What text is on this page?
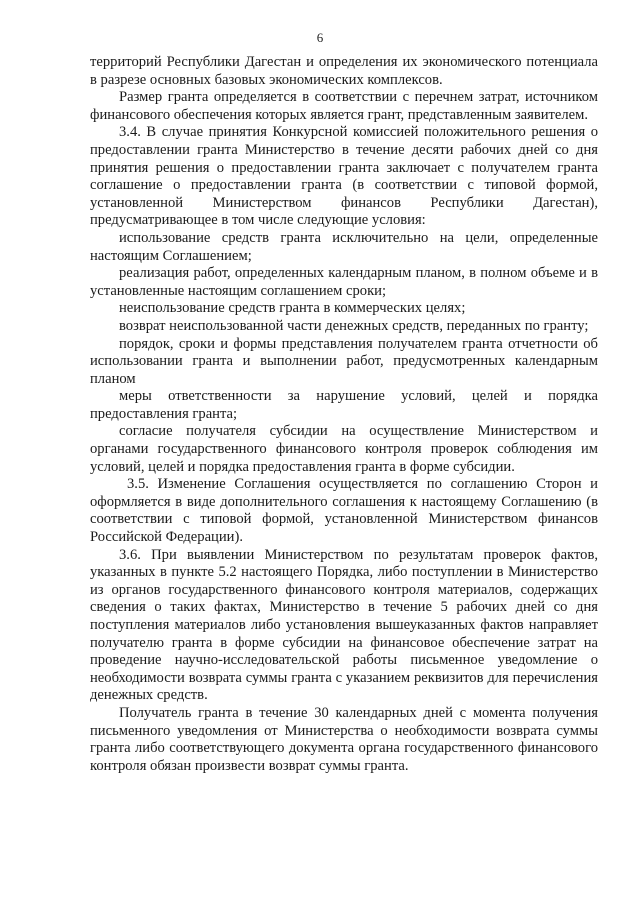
6

территорий Республики Дагестан и определения их экономического потенциала в разрезе основных базовых экономических комплексов.

Размер гранта определяется в соответствии с перечнем затрат, источником финансового обеспечения которых является грант, представленным заявителем.

3.4. В случае принятия Конкурсной комиссией положительного решения о предоставлении гранта Министерство в течение десяти рабочих дней со дня принятия решения о предоставлении гранта заключает с получателем гранта соглашение о предоставлении гранта (в соответствии с типовой формой, установленной Министерством финансов Республики Дагестан), предусматривающее в том числе следующие условия:

использование средств гранта исключительно на цели, определенные настоящим Соглашением;

реализация работ, определенных календарным планом, в полном объеме и в установленные настоящим соглашением сроки;

неиспользование средств гранта в коммерческих целях;

возврат неиспользованной части денежных средств, переданных по гранту;

порядок, сроки и формы представления получателем гранта отчетности об использовании гранта и выполнении работ, предусмотренных календарным планом

меры ответственности за нарушение условий, целей и порядка предоставления гранта;

согласие получателя субсидии на осуществление Министерством и органами государственного финансового контроля проверок соблюдения им условий, целей и порядка предоставления гранта в форме субсидии.

3.5. Изменение Соглашения осуществляется по соглашению Сторон и оформляется в виде дополнительного соглашения к настоящему Соглашению (в соответствии с типовой формой, установленной Министерством финансов Российской Федерации).

3.6. При выявлении Министерством по результатам проверок фактов, указанных в пункте 5.2 настоящего Порядка, либо поступлении в Министерство из органов государственного финансового контроля материалов, содержащих сведения о таких фактах, Министерство в течение 5 рабочих дней со дня поступления материалов либо установления вышеуказанных фактов направляет получателю гранта в форме субсидии на финансовое обеспечение затрат на проведение научно-исследовательской работы письменное уведомление о необходимости возврата суммы гранта с указанием реквизитов для перечисления денежных средств.

Получатель гранта в течение 30 календарных дней с момента получения письменного уведомления от Министерства о необходимости возврата суммы гранта либо соответствующего документа органа государственного финансового контроля обязан произвести возврат суммы гранта.
